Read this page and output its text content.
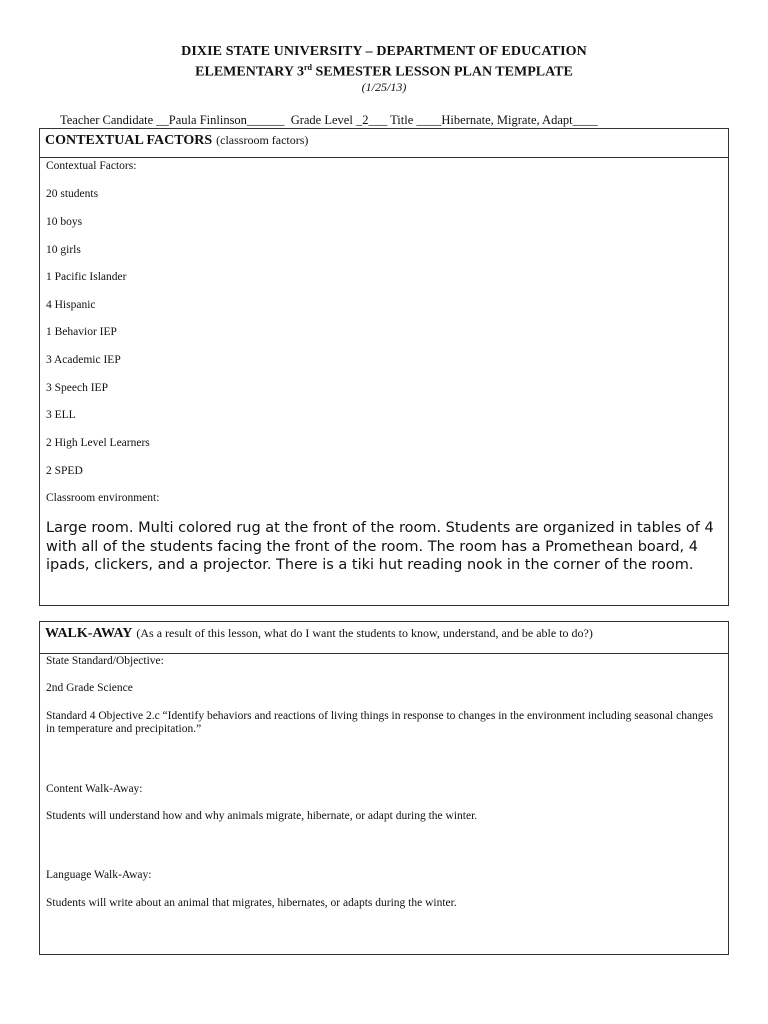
DIXIE STATE UNIVERSITY – DEPARTMENT OF EDUCATION
ELEMENTARY 3rd SEMESTER LESSON PLAN TEMPLATE
(1/25/13)
Teacher Candidate __Paula Finlinson______ Grade Level _2___ Title ____Hibernate, Migrate, Adapt____
CONTEXTUAL FACTORS (classroom factors)
Contextual Factors:
20 students
10 boys
10 girls
1 Pacific Islander
4 Hispanic
1 Behavior IEP
3 Academic IEP
3 Speech IEP
3 ELL
2 High Level Learners
2 SPED
Classroom environment:
Large room. Multi colored rug at the front of the room. Students are organized in tables of 4 with all of the students facing the front of the room. The room has a Promethean board, 4 ipads, clickers, and a projector. There is a tiki hut reading nook in the corner of the room.
WALK-AWAY (As a result of this lesson, what do I want the students to know, understand, and be able to do?)
State Standard/Objective:
2nd Grade Science
Standard 4 Objective 2.c “Identify behaviors and reactions of living things in response to changes in the environment including seasonal changes in temperature and precipitation.”
Content Walk-Away:
Students will understand how and why animals migrate, hibernate, or adapt during the winter.
Language Walk-Away:
Students will write about an animal that migrates, hibernates, or adapts during the winter.
